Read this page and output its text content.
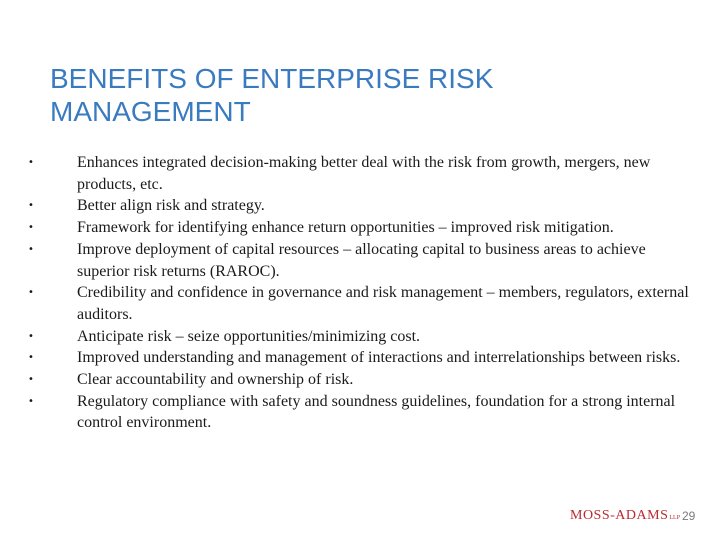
BENEFITS OF ENTERPRISE RISK MANAGEMENT
•	Enhances integrated decision-making better deal with the risk from growth, mergers, new products, etc.
•	Better align risk and strategy.
•	Framework for identifying enhance return opportunities – improved risk mitigation.
•	Improve deployment of capital resources – allocating capital to business areas to achieve superior risk returns (RAROC).
•	Credibility and confidence in governance and risk management – members, regulators, external auditors.
•	Anticipate risk – seize opportunities/minimizing cost.
•	Improved understanding and management of interactions and interrelationships between risks.
•	Clear accountability and ownership of risk.
•	Regulatory compliance with safety and soundness guidelines, foundation for a strong internal control environment.
MOSS-ADAMSLLP 29
